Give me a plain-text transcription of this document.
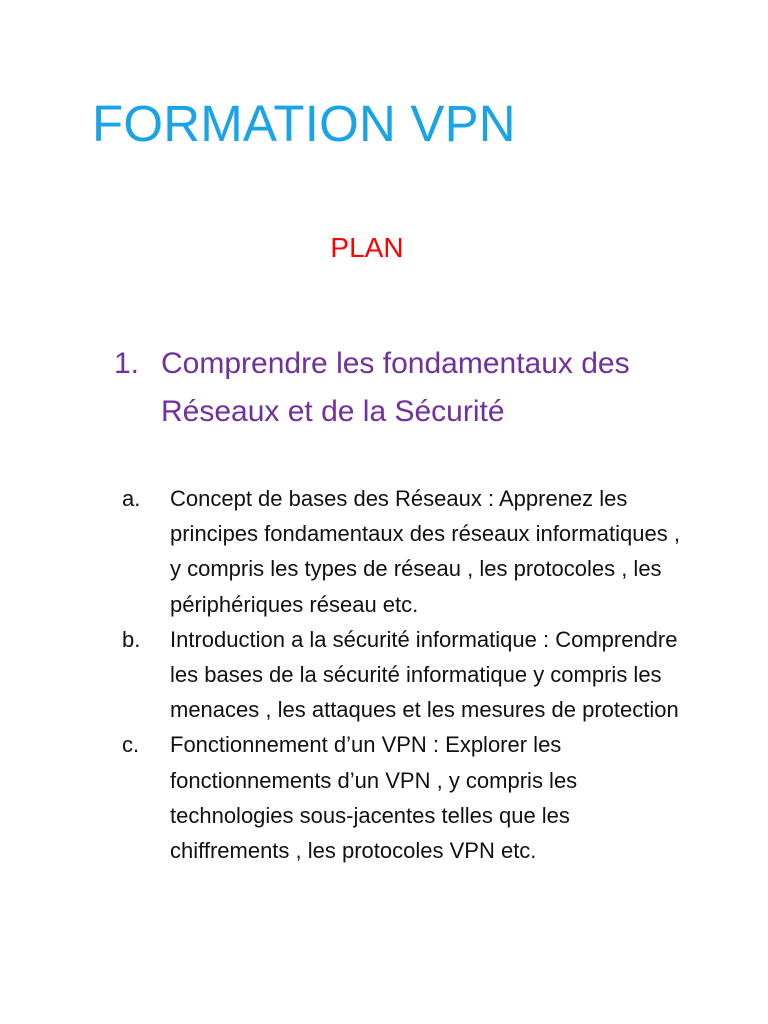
FORMATION VPN
PLAN
1. Comprendre les fondamentaux des Réseaux et de la Sécurité
a. Concept de bases des Réseaux : Apprenez les principes fondamentaux des réseaux informatiques , y compris les types de réseau , les protocoles , les périphériques réseau etc.
b. Introduction a la sécurité informatique : Comprendre les bases de la sécurité informatique y compris les menaces , les attaques et les mesures de protection
c. Fonctionnement d’un VPN : Explorer les fonctionnements d’un VPN , y compris les technologies sous-jacentes telles que les chiffrements , les protocoles VPN etc.
